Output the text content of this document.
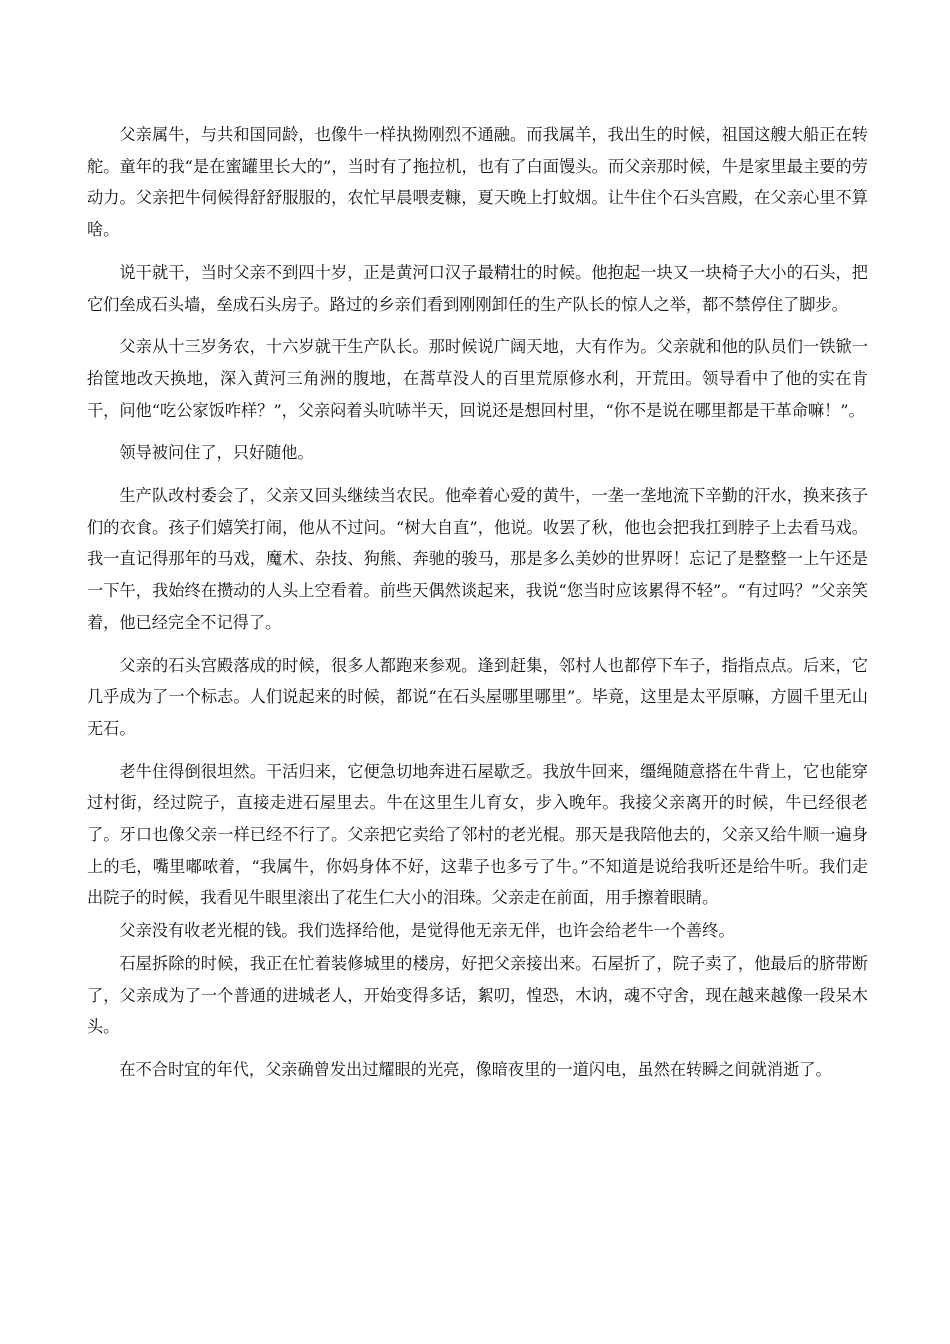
父亲属牛，与共和国同龄，也像牛一样执拗刚烈不通融。而我属羊，我出生的时候，祖国这艘大船正在转舵。童年的我“是在蜜罐里长大的”，当时有了拖拉机，也有了白面馒头。而父亲那时候，牛是家里最主要的劳动力。父亲把牛伺候得舒舒服服的，农忙早晨喂麦糠，夏天晚上打蚊烟。让牛住个石头宫殿，在父亲心里不算啥。

说干就干，当时父亲不到四十岁，正是黄河口汉子最精壮的时候。他抱起一块又一块椅子大小的石头，把它们垒成石头墙，垒成石头房子。路过的乡亲们看到刚刚卸任的生产队长的惊人之举，都不禁停住了脚步。

父亲从十三岁务农，十六岁就干生产队长。那时候说广阔天地，大有作为。父亲就和他的队员们一铁锨一抬筐地改天换地，深入黄河三角洲的腹地，在蒿草没人的百里荒原修水利，开荒田。领导看中了他的实在肯干，问他“吃公家饭咋样？”，父亲闷着头吭哧半天，回说还是想回村里，“你不是说在哪里都是干革命嘛！”。

领导被问住了，只好随他。

生产队改村委会了，父亲又回头继续当农民。他牵着心爱的黄牛，一垄一垄地流下辛勤的汗水，换来孩子们的衣食。孩子们嬉笑打闹，他从不过问。“树大自直”，他说。收罢了秋，他也会把我扛到脖子上去看马戏。我一直记得那年的马戏，魔术、杂技、狗熊、奔驰的骏马，那是多么美妙的世界呀！忘记了是整整一上午还是一下午，我始终在攒动的人头上空看着。前些天偶然谈起来，我说“您当时应该累得不轻”。“有过吗？”父亲笑着，他已经完全不记得了。

父亲的石头宫殿落成的时候，很多人都跑来参观。逢到赶集，邻村人也都停下车子，指指点点。后来，它几乎成为了一个标志。人们说起来的时候，都说“在石头屋哪里哪里”。毕竟，这里是太平原嘛，方圆千里无山无石。

老牛住得倒很坦然。干活归来，它便急切地奔进石屋歇乏。我放牛回来，缰绳随意搭在牛背上，它也能穿过村街，经过院子，直接走进石屋里去。牛在这里生儿育女，步入晚年。我接父亲离开的时候，牛已经很老了。牙口也像父亲一样已经不行了。父亲把它卖给了邻村的老光棍。那天是我陪他去的，父亲又给牛顺一遍身上的毛，嘴里嘟哝着，“我属牛，你妈身体不好，这辈子也多亏了牛。”不知道是说给我听还是给牛听。我们走出院子的时候，我看见牛眼里滚出了花生仁大小的泪珠。父亲走在前面，用手擦着眼睛。

父亲没有收老光棍的钱。我们选择给他，是觉得他无亲无伴，也许会给老牛一个善终。

石屋拆除的时候，我正在忙着装修城里的楼房，好把父亲接出来。石屋折了，院子卖了，他最后的脐带断了，父亲成为了一个普通的进城老人，开始变得多话，絮叨，惶恐，木讷，魂不守舍，现在越来越像一段呆木头。

在不合时宜的年代，父亲确曾发出过耀眼的光亮，像暗夜里的一道闪电，虽然在转瞬之间就消逝了。
